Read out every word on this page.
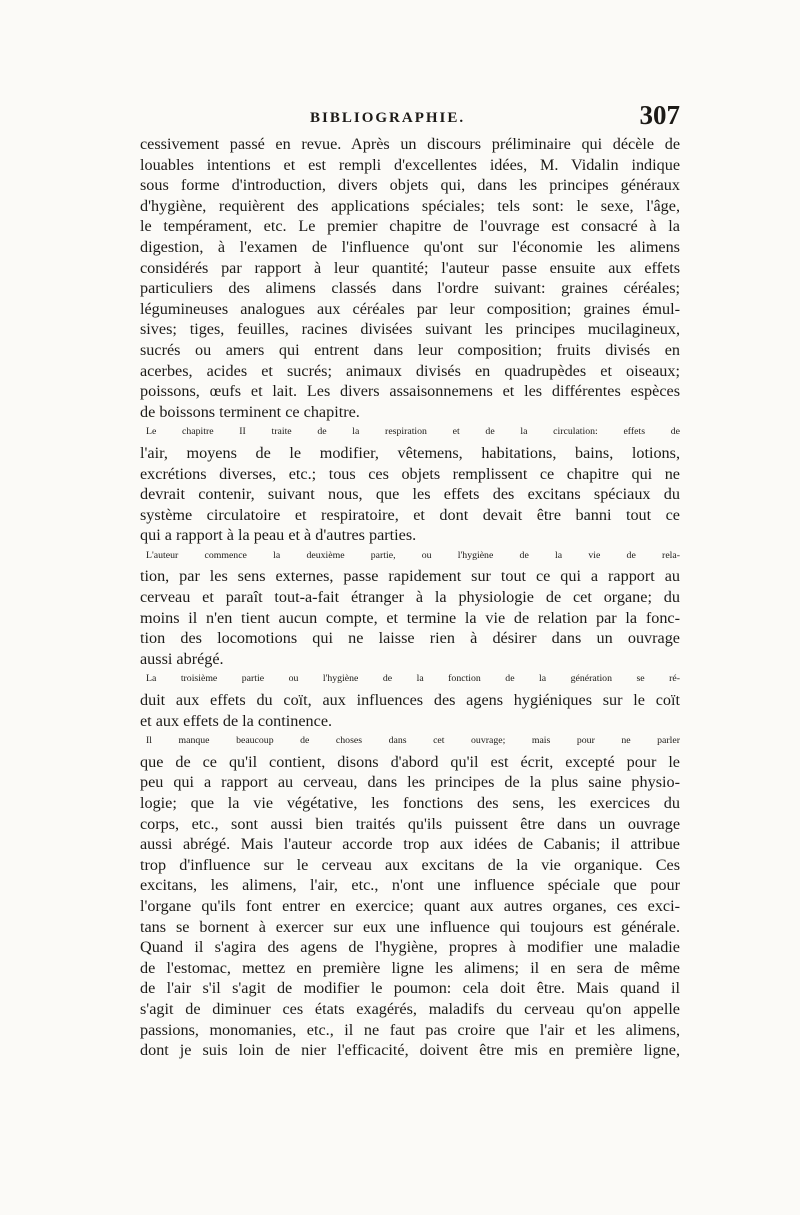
BIBLIOGRAPHIE.	307
cessivement passé en revue. Après un discours préliminaire qui décèle de
louables intentions et est rempli d'excellentes idées, M. Vidalin indique
sous forme d'introduction, divers objets qui, dans les principes généraux
d'hygiène, requièrent des applications spéciales; tels sont: le sexe, l'âge,
le tempérament, etc. Le premier chapitre de l'ouvrage est consacré à la
digestion, à l'examen de l'influence qu'ont sur l'économie les alimens
considérés par rapport à leur quantité; l'auteur passe ensuite aux effets
particuliers des alimens classés dans l'ordre suivant: graines céréales;
légumineuses analogues aux céréales par leur composition; graines émul-
sives; tiges, feuilles, racines divisées suivant les principes mucilagineux,
sucrés ou amers qui entrent dans leur composition; fruits divisés en
acerbes, acides et sucrés; animaux divisés en quadrupèdes et oiseaux;
poissons, œufs et lait. Les divers assaisonnemens et les différentes espèces
de boissons terminent ce chapitre.
Le chapitre II traite de la respiration et de la circulation: effets de
l'air, moyens de le modifier, vêtemens, habitations, bains, lotions,
excrétions diverses, etc.; tous ces objets remplissent ce chapitre qui ne
devrait contenir, suivant nous, que les effets des excitans spéciaux du
système circulatoire et respiratoire, et dont devait être banni tout ce
qui a rapport à la peau et à d'autres parties.
L'auteur commence la deuxième partie, ou l'hygiène de la vie de rela-
tion, par les sens externes, passe rapidement sur tout ce qui a rapport au
cerveau et paraît tout-a-fait étranger à la physiologie de cet organe; du
moins il n'en tient aucun compte, et termine la vie de relation par la fonc-
tion des locomotions qui ne laisse rien à désirer dans un ouvrage
aussi abrégé.
La troisième partie ou l'hygiène de la fonction de la génération se ré-
duit aux effets du coït, aux influences des agens hygiéniques sur le coït
et aux effets de la continence.
Il manque beaucoup de choses dans cet ouvrage; mais pour ne parler
que de ce qu'il contient, disons d'abord qu'il est écrit, excepté pour le
peu qui a rapport au cerveau, dans les principes de la plus saine physio-
logie; que la vie végétative, les fonctions des sens, les exercices du
corps, etc., sont aussi bien traités qu'ils puissent être dans un ouvrage
aussi abrégé. Mais l'auteur accorde trop aux idées de Cabanis; il attribue
trop d'influence sur le cerveau aux excitans de la vie organique. Ces
excitans, les alimens, l'air, etc., n'ont une influence spéciale que pour
l'organe qu'ils font entrer en exercice; quant aux autres organes, ces exci-
tans se bornent à exercer sur eux une influence qui toujours est générale.
Quand il s'agira des agens de l'hygiène, propres à modifier une maladie
de l'estomac, mettez en première ligne les alimens; il en sera de même
de l'air s'il s'agit de modifier le poumon: cela doit être. Mais quand il
s'agit de diminuer ces états exagérés, maladifs du cerveau qu'on appelle
passions, monomanies, etc., il ne faut pas croire que l'air et les alimens,
dont je suis loin de nier l'efficacité, doivent être mis en première ligne,
